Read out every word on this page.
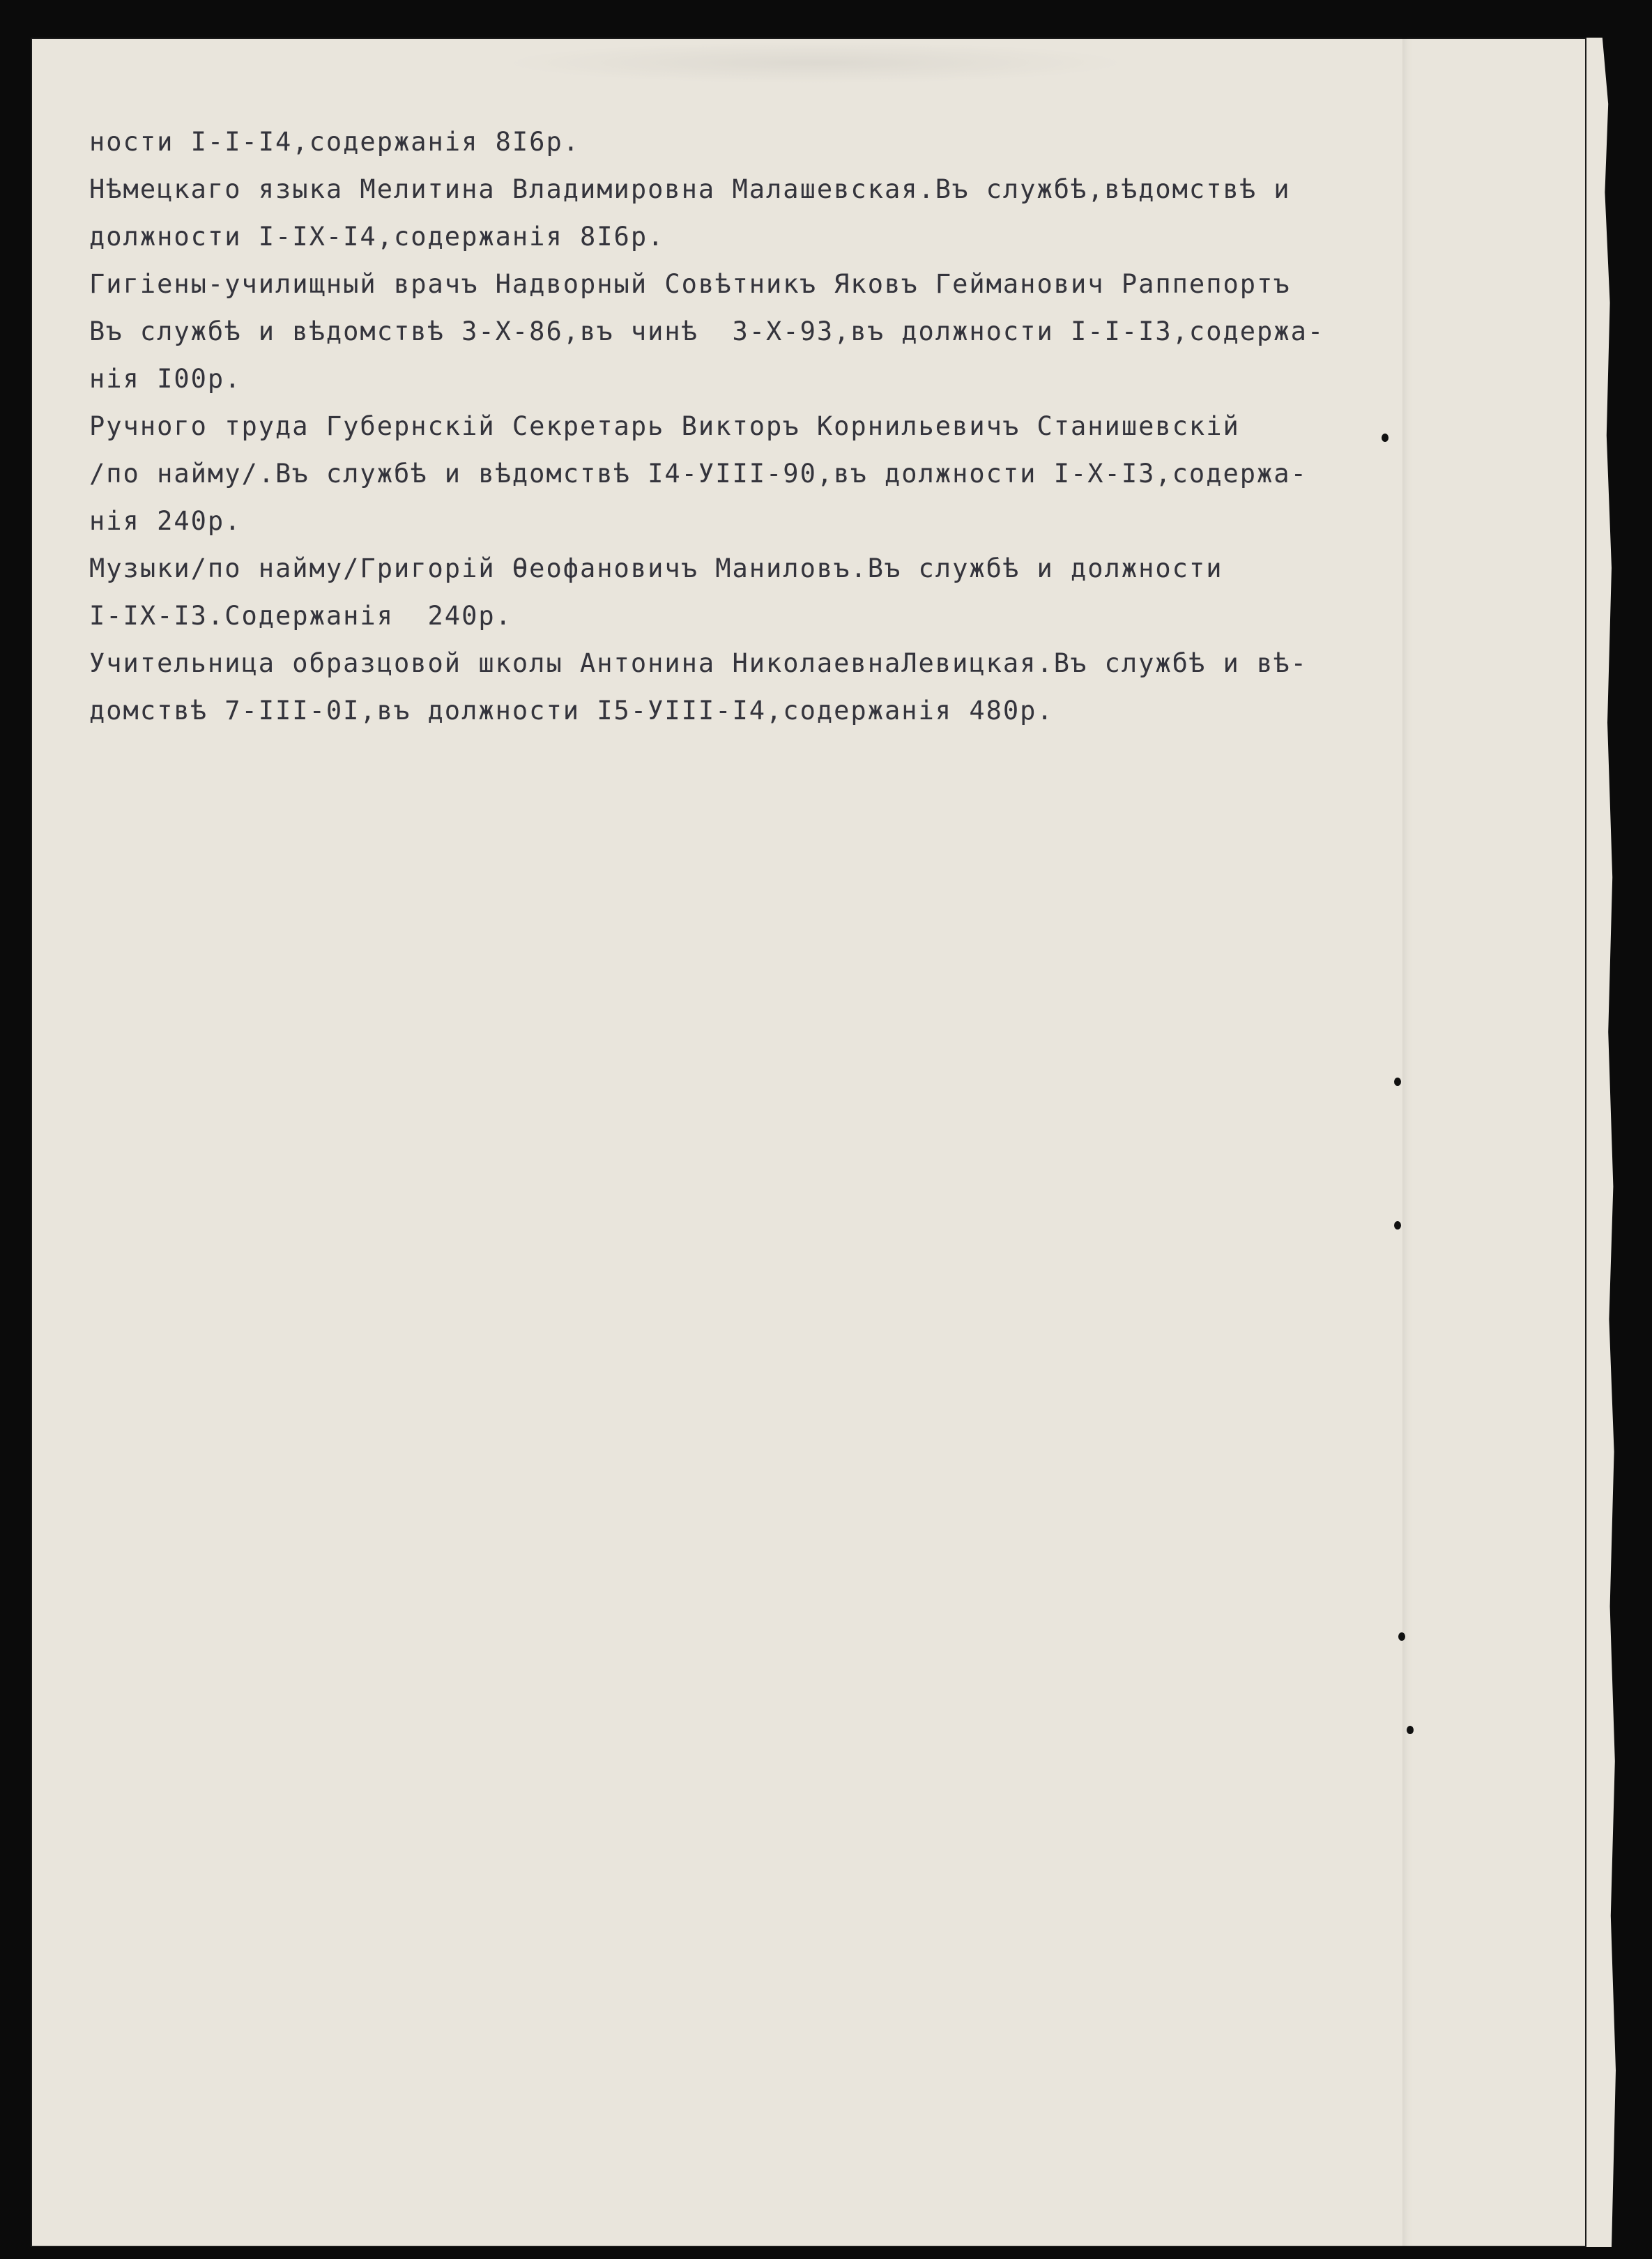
ности I-I-I4,содержанія 8I6р.
Нѣмецкаго языка Мелитина Владимировна Малашевская.Въ службѣ,вѣдомствѣ и
должности I-IX-I4,содержанія 8I6р.
Гигіены-училищный врачъ Надворный Совѣтникъ Яковъ Гейманович Раппепортъ
Въ службѣ и вѣдомствѣ 3-X-86,въ чинѣ  3-X-93,въ должности I-I-I3,содержа-
нія I00р.
Ручного труда Губернскій Секретарь Викторъ Корнильевичъ Станишевскій
/по найму/.Въ службѣ и вѣдомствѣ I4-УIII-90,въ должности I-X-I3,содержа-
нія 240р.
Музыки/по найму/Григорій Ѳеофановичъ Маниловъ.Въ службѣ и должности
I-IX-I3.Содержанія  240р.
Учительница образцовой школы Антонина НиколаевнаЛевицкая.Въ службѣ и вѣ-
домствѣ 7-III-0I,въ должности I5-УIII-I4,содержанія 480р.
